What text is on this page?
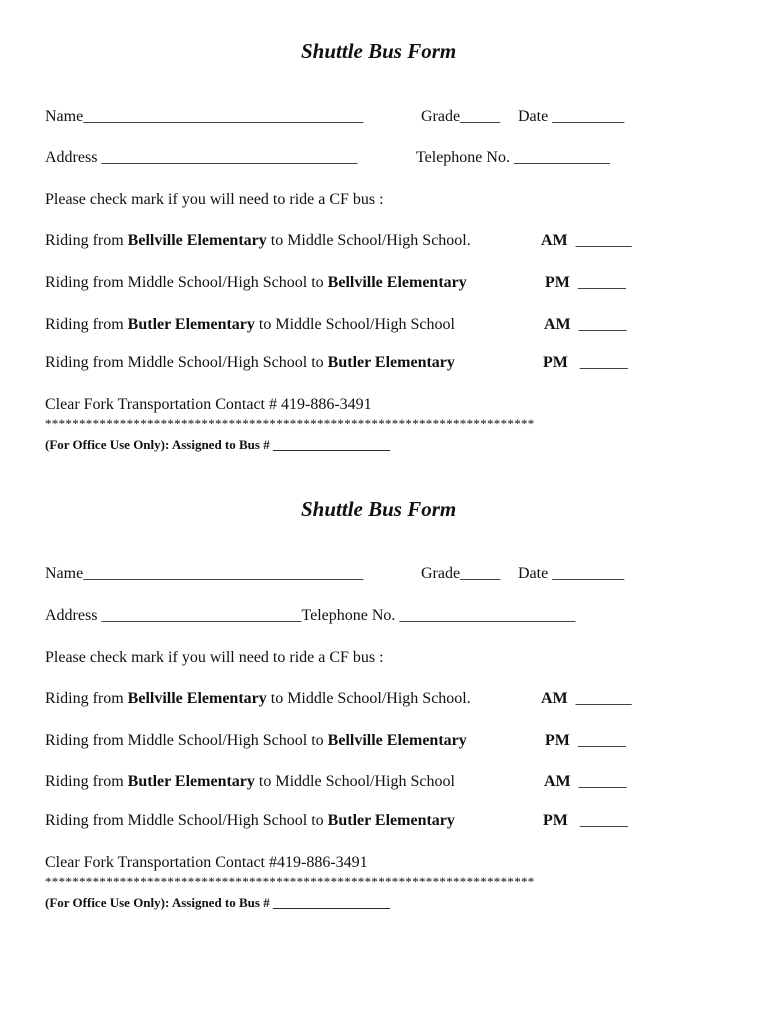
Shuttle Bus Form
Name___________________________________	Grade_____ Date _________
Address ________________________________	Telephone No. ____________
Please check mark if you will need to ride a CF bus :
Riding from Bellville Elementary to Middle School/High School.	AM _______
Riding from Middle School/High School to Bellville Elementary	PM ______
Riding from Butler Elementary to Middle School/High School	AM ______
Riding from Middle School/High School to Butler Elementary	PM ______
Clear Fork Transportation Contact # 419-886-3491
************************************************************************
(For Office Use Only): Assigned to Bus # __________________
Shuttle Bus Form
Name___________________________________	Grade_____ Date _________
Address _________________________Telephone No. ______________________
Please check mark if you will need to ride a CF bus :
Riding from Bellville Elementary to Middle School/High School.	AM _______
Riding from Middle School/High School to Bellville Elementary	PM ______
Riding from Butler Elementary to Middle School/High School	AM ______
Riding from Middle School/High School to Butler Elementary	PM ______
Clear Fork Transportation Contact #419-886-3491
************************************************************************
(For Office Use Only): Assigned to Bus # __________________
